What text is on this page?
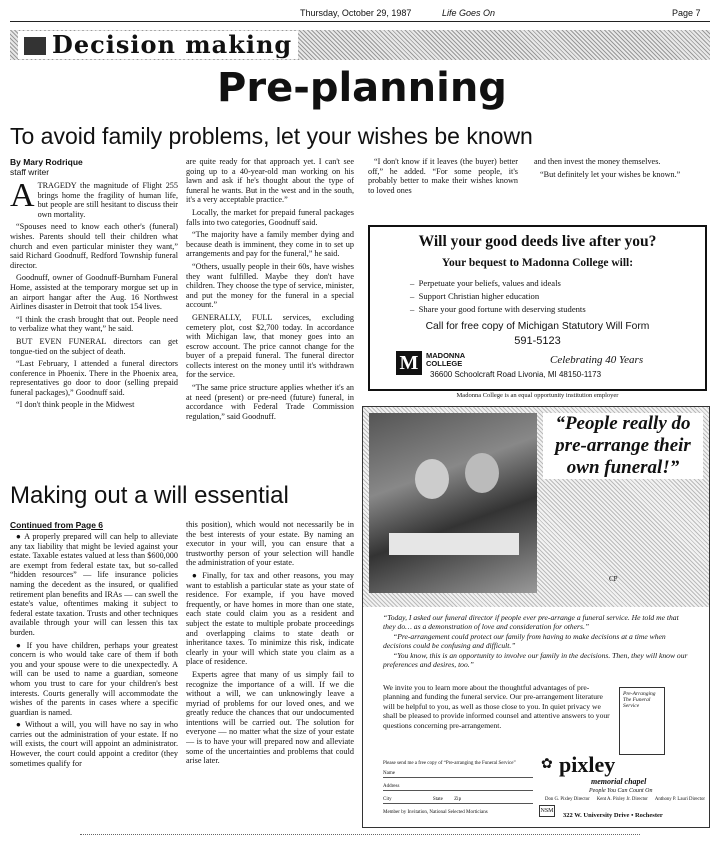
Thursday, October 29, 1987	Life Goes On	Page 7
Decision making
Pre-planning
To avoid family problems, let your wishes be known
By Mary Rodrique
staff writer
A TRAGEDY the magnitude of Flight 255 brings home the fragility of human life, but people are still hesitant to discuss their own mortality.

“Spouses need to know each other's (funeral) wishes. Parents should tell their children what church and even particular minister they want,” said Richard Goodnuff, Redford Township funeral director.

Goodnuff, owner of Goodnuff-Burnham Funeral Home, assisted at the temporary morgue set up in an airport hangar after the Aug. 16 Northwest Airlines disaster in Detroit that took 154 lives.

“I think the crash brought that out. People need to verbalize what they want,” he said.

BUT EVEN FUNERAL directors can get tongue-tied on the subject of death.

“Last February, I attended a funeral directors conference in Phoenix. There in the Phoenix area, representatives go door to door (selling prepaid funeral packages),” Goodnuff said.

“I don't think people in the Midwest

are quite ready for that approach yet. I can't see going up to a 40-year-old man working on his lawn and ask if he's thought about the type of funeral he wants. But in the west and in the south, it's a very acceptable practice.”

Locally, the market for prepaid funeral packages falls into two categories, Goodnuff said.

“The majority have a family member dying and because death is imminent, they come in to set up arrangements and pay for the funeral,” he said.

“Others, usually people in their 60s, have wishes they want fulfilled. Maybe they don't have children. They choose the type of service, minister, and put the money for the funeral in a special account.”

GENERALLY, FULL services, excluding cemetery plot, cost $2,700 today. In accordance with Michigan law, that money goes into an escrow account. The price cannot change for the buyer of a prepaid funeral. The funeral director collects interest on the money until it's withdrawn for the service.

“The same price structure applies whether it's an at need (present) or pre-need (future) funeral, in accordance with Federal Trade Commission regulation,” said Goodnuff.

“I don't know if it leaves (the buyer) better off,” he added. “For some people, it's probably better to make their wishes known to loved ones

and then invest the money themselves.

“But definitely let your wishes be known.”

Will your good deeds live after you?
Your bequest to Madonna College will:
–  Perpetuate your beliefs, values and ideals
–  Support Christian higher education
–  Share your good fortune with deserving students
Call for free copy of Michigan Statutory Will Form
591-5123
M	MADONNA
COLLEGE	Celebrating 40 Years
36600 Schoolcraft Road Livonia, MI 48150-1173
Madonna College is an equal opportunity institution employer
Making out a will essential
Continued from Page 6

● A properly prepared will can help to alleviate any tax liability that might be levied against your estate. Taxable estates valued at less than $600,000 are exempt from federal estate tax, but so-called “hidden resources” — life insurance policies naming the decedent as the insured, or qualified retirement plan benefits and IRAs — can swell the estate's value, oftentimes making it subject to federal estate taxation. Trusts and other techniques available through your will can lessen this tax burden.

● If you have children, perhaps your greatest concern is who would take care of them if both you and your spouse were to die unexpectedly. A will can be used to name a guardian, someone whom you trust to care for your children's best interests. Courts generally will accommodate the wishes of the parents in cases where a specific guardian is named.

● Without a will, you will have no say in who carries out the administration of your estate. If no will exists, the court will appoint an administrator. However, the court could appoint a creditor (they sometimes qualify for

this position), which would not necessarily be in the best interests of your estate. By naming an executor in your will, you can ensure that a trustworthy person of your selection will handle the administration of your estate.

● Finally, for tax and other reasons, you may want to establish a particular state as your state of residence. For example, if you have moved frequently, or have homes in more than one state, each state could claim you as a resident and subject the estate to multiple probate proceedings and overlapping claims to state death or inheritance taxes. To minimize this risk, indicate clearly in your will which state you claim as a place of residence.

Experts agree that many of us simply fail to recognize the importance of a will. If we die without a will, we can unknowingly leave a myriad of problems for our loved ones, and we greatly reduce the chances that our undocumented intentions will be carried out. The solution for everyone — no matter what the size of your estate — is to have your will prepared now and alleviate some of the uncertainties and problems that could arise later.

“People really do pre-arrange their own funeral!”
CP
“Today, I asked our funeral director if people ever pre-arrange a funeral service. He told me that they do… as a demonstration of love and consideration for others.”
“Pre-arrangement could protect our family from having to make decisions at a time when decisions could be confusing and difficult.”
“You know, this is an opportunity to involve our family in the decisions. Then, they will know our preferences and desires, too.”
We invite you to learn more about the thoughtful advantages of pre-planning and funding the funeral service. Our pre-arrangement literature will be helpful to you, as well as those close to you. In quiet privacy we shall be pleased to provide informed counsel and attentive answers to your questions concerning pre-arrangement.
Pre-Arranging The Funeral Service
Please send me a free copy of “Pre-arranging the Funeral Service”
Name
Address
City	State Zip
Member by Invitation, National Selected Morticians
✿ pixley
memorial chapel
People You Can Count On
Don G. Pixley Director Kent A. Pixley Jr. Director Anthony P. Lauri Director
NSM
322 W. University Drive • Rochester
